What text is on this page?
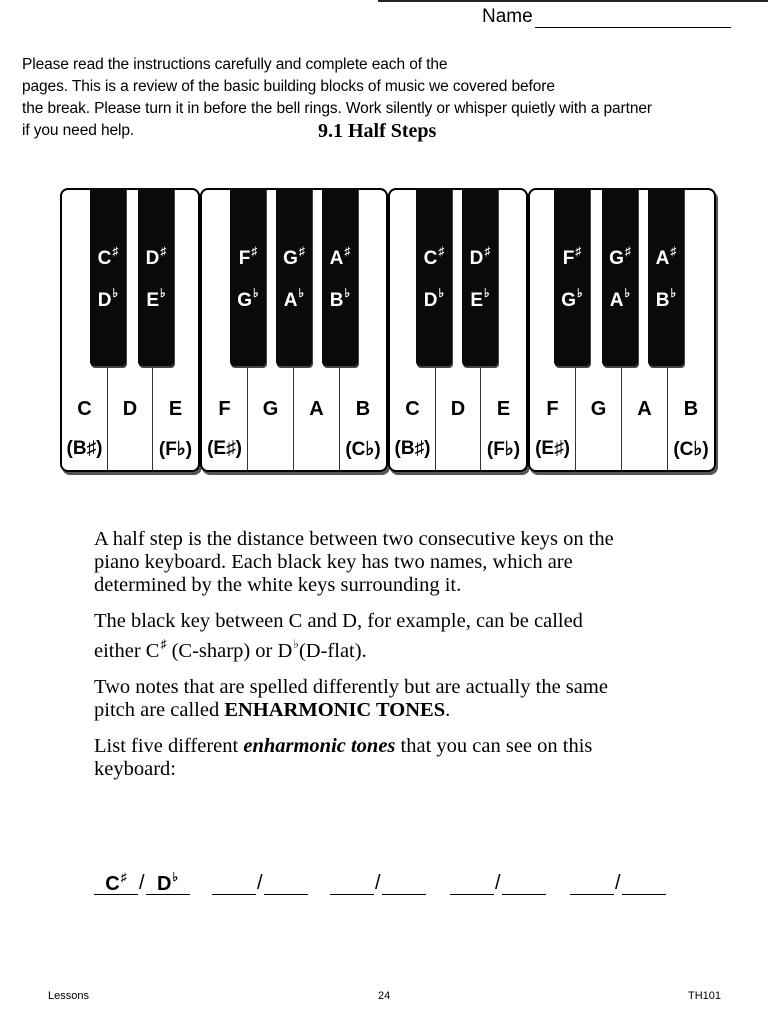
Name
Please read the instructions carefully and complete each of the
pages. This is a review of the basic building blocks of music we covered before
the break. Please turn it in before the bell rings. Work silently or whisper quietly with a partner
if you need help.	9.1 Half Steps
C
(B♯)
D	E
(F♭)
F
(E♯)
G	A	B
(C♭)
C
(B♯)
D	E
(F♭)
F
(E♯)
G	A	B
(C♭)
C♯
D♭
D♯
E♭
F♯
G♭
G♯
A♭
A♯
B♭
C♯
D♭
D♯
E♭
F♯
G♭
G♯
A♭
A♯
B♭
A half step is the distance between two consecutive keys on the
piano keyboard. Each black key has two names, which are
determined by the white keys surrounding it.
The black key between C and D, for example, can be called
either C♯ (C-sharp) or D♭(D-flat).
Two notes that are spelled differently but are actually the same
pitch are called ENHARMONIC TONES.
List five different enharmonic tones that you can see on this
keyboard:
C♯ / D♭	/	/	/	/
Lessons	24	TH101
